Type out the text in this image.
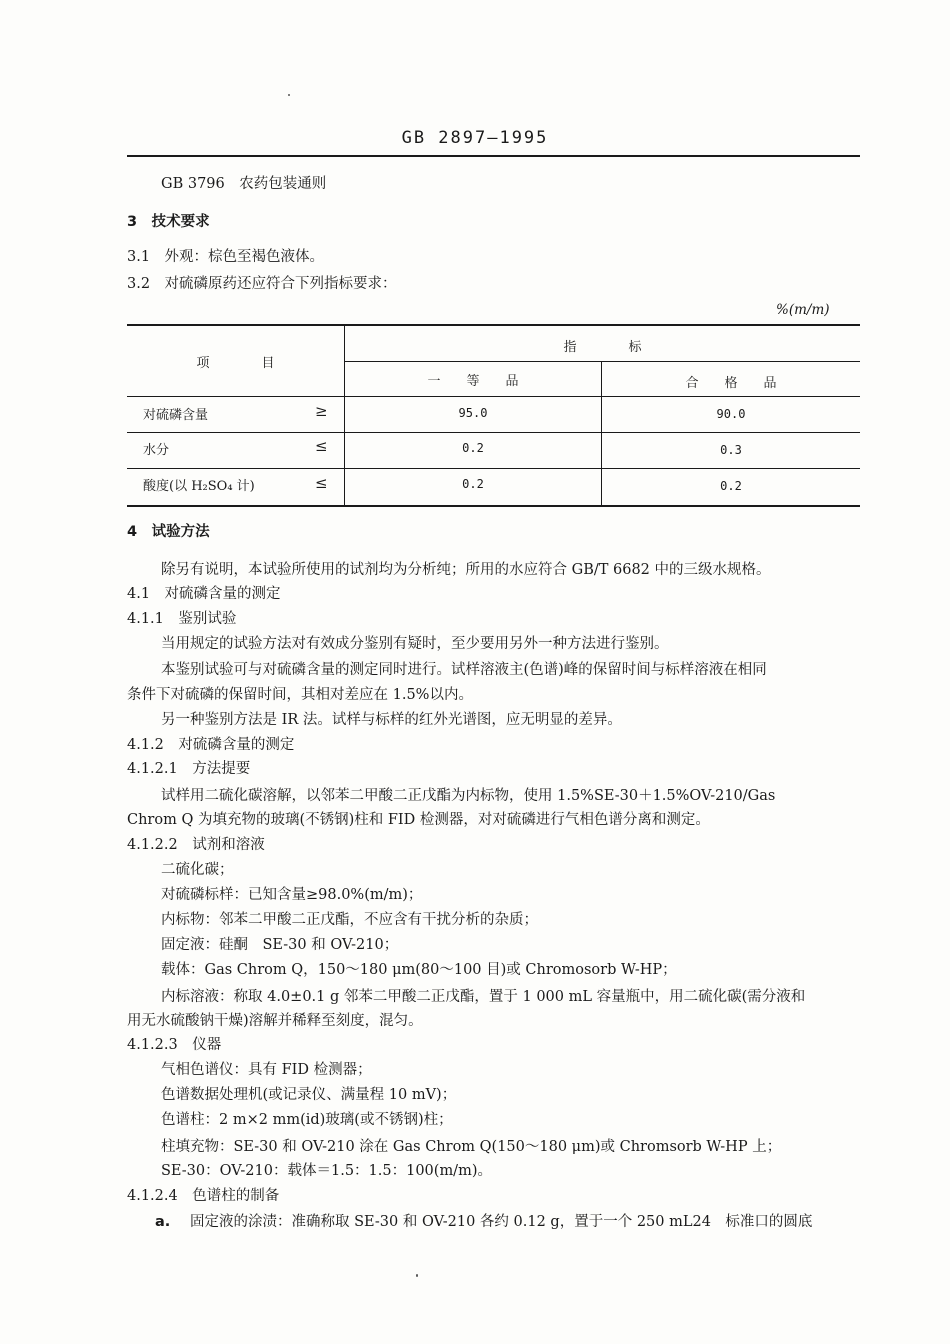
GB 2897—1995
GB 3796　农药包装通则
3　技术要求
3.1　外观：棕色至褐色液体。
3.2　对硫磷原药还应符合下列指标要求：
%(m/m)
项　　　　目
指　　　　标
一　　等　　品	合　　格　　品
对硫磷含量	≥	95.0	90.0
水分	≤	0.2	0.3
酸度(以 H₂SO₄ 计)	≤	0.2	0.2
4　试验方法
除另有说明，本试验所使用的试剂均为分析纯；所用的水应符合 GB/T 6682 中的三级水规格。
4.1　对硫磷含量的测定
4.1.1　鉴别试验
当用规定的试验方法对有效成分鉴别有疑时，至少要用另外一种方法进行鉴别。
本鉴别试验可与对硫磷含量的测定同时进行。试样溶液主(色谱)峰的保留时间与标样溶液在相同
条件下对硫磷的保留时间，其相对差应在 1.5%以内。
另一种鉴别方法是 IR 法。试样与标样的红外光谱图，应无明显的差异。
4.1.2　对硫磷含量的测定
4.1.2.1　方法提要
试样用二硫化碳溶解，以邻苯二甲酸二正戊酯为内标物，使用 1.5%SE-30＋1.5%OV-210/Gas
Chrom Q 为填充物的玻璃(不锈钢)柱和 FID 检测器，对对硫磷进行气相色谱分离和测定。
4.1.2.2　试剂和溶液
二硫化碳；
对硫磷标样：已知含量≥98.0%(m/m)；
内标物：邻苯二甲酸二正戊酯，不应含有干扰分析的杂质；
固定液：硅酮　SE-30 和 OV-210；
载体：Gas Chrom Q，150～180 μm(80～100 目)或 Chromosorb W-HP；
内标溶液：称取 4.0±0.1 g 邻苯二甲酸二正戊酯，置于 1 000 mL 容量瓶中，用二硫化碳(需分液和
用无水硫酸钠干燥)溶解并稀释至刻度，混匀。
4.1.2.3　仪器
气相色谱仪：具有 FID 检测器；
色谱数据处理机(或记录仪、满量程 10 mV)；
色谱柱：2 m×2 mm(id)玻璃(或不锈钢)柱；
柱填充物：SE-30 和 OV-210 涂在 Gas Chrom Q(150～180 μm)或 Chromsorb W-HP 上；
SE-30：OV-210：载体＝1.5：1.5：100(m/m)。
4.1.2.4　色谱柱的制备
a. 固定液的涂渍：准确称取 SE-30 和 OV-210 各约 0.12 g，置于一个 250 mL24　标准口的圆底
